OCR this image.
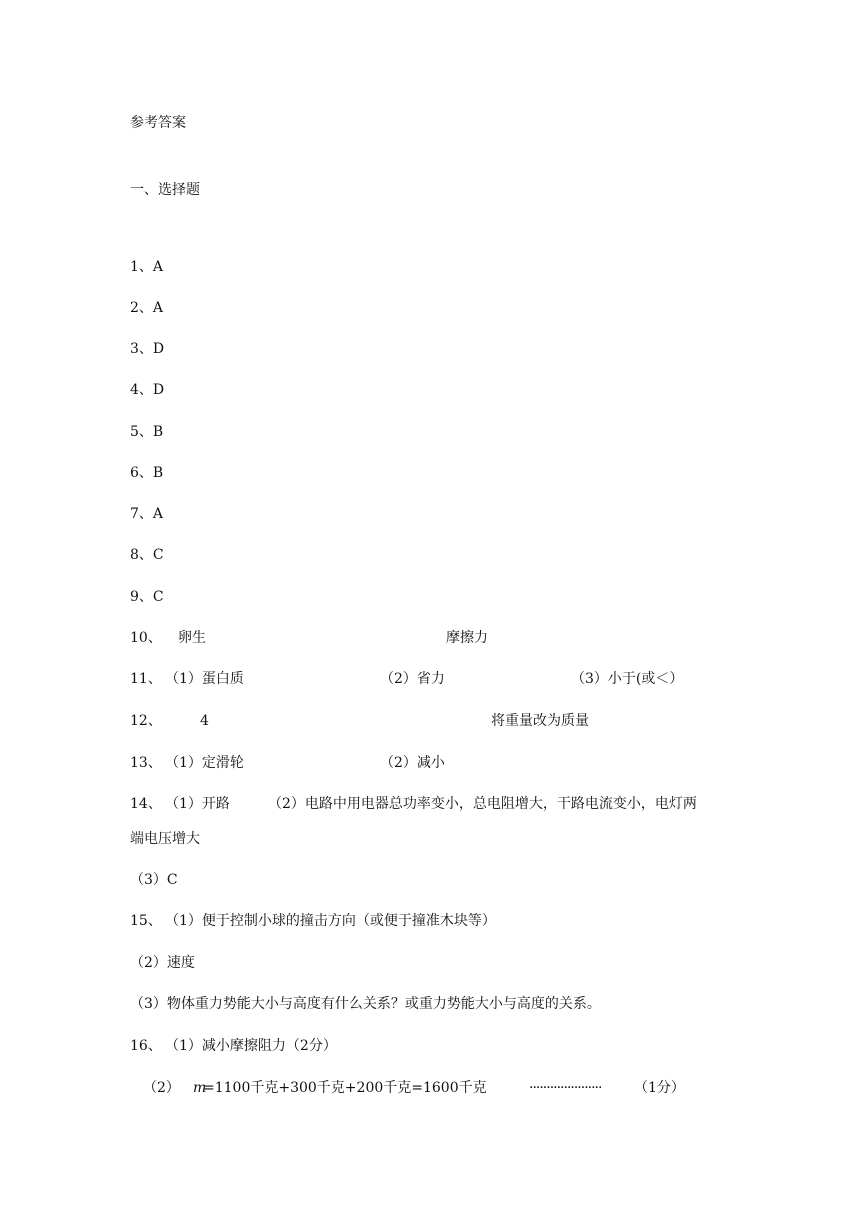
参考答案
一、选择题
1、A
2、A
3、D
4、D
5、B
6、B
7、A
8、C
9、C
10、 卵生	摩擦力
11、 （1）蛋白质	（2）省力	（3）小于(或＜）
12、	4	将重量改为质量
13、 （1）定滑轮	（2）减小
14、 （1）开路	（2）电路中用电器总功率变小，总电阻增大，干路电流变小，电灯两
端电压增大
（3）C
15、 （1）便于控制小球的撞击方向（或便于撞准木块等）
（2）速度
（3）物体重力势能大小与高度有什么关系？或重力势能大小与高度的关系。
16、 （1）减小摩擦阻力（2分）
（2） m
=1100千克+300千克+200千克=1600千克	····················· （1分）
